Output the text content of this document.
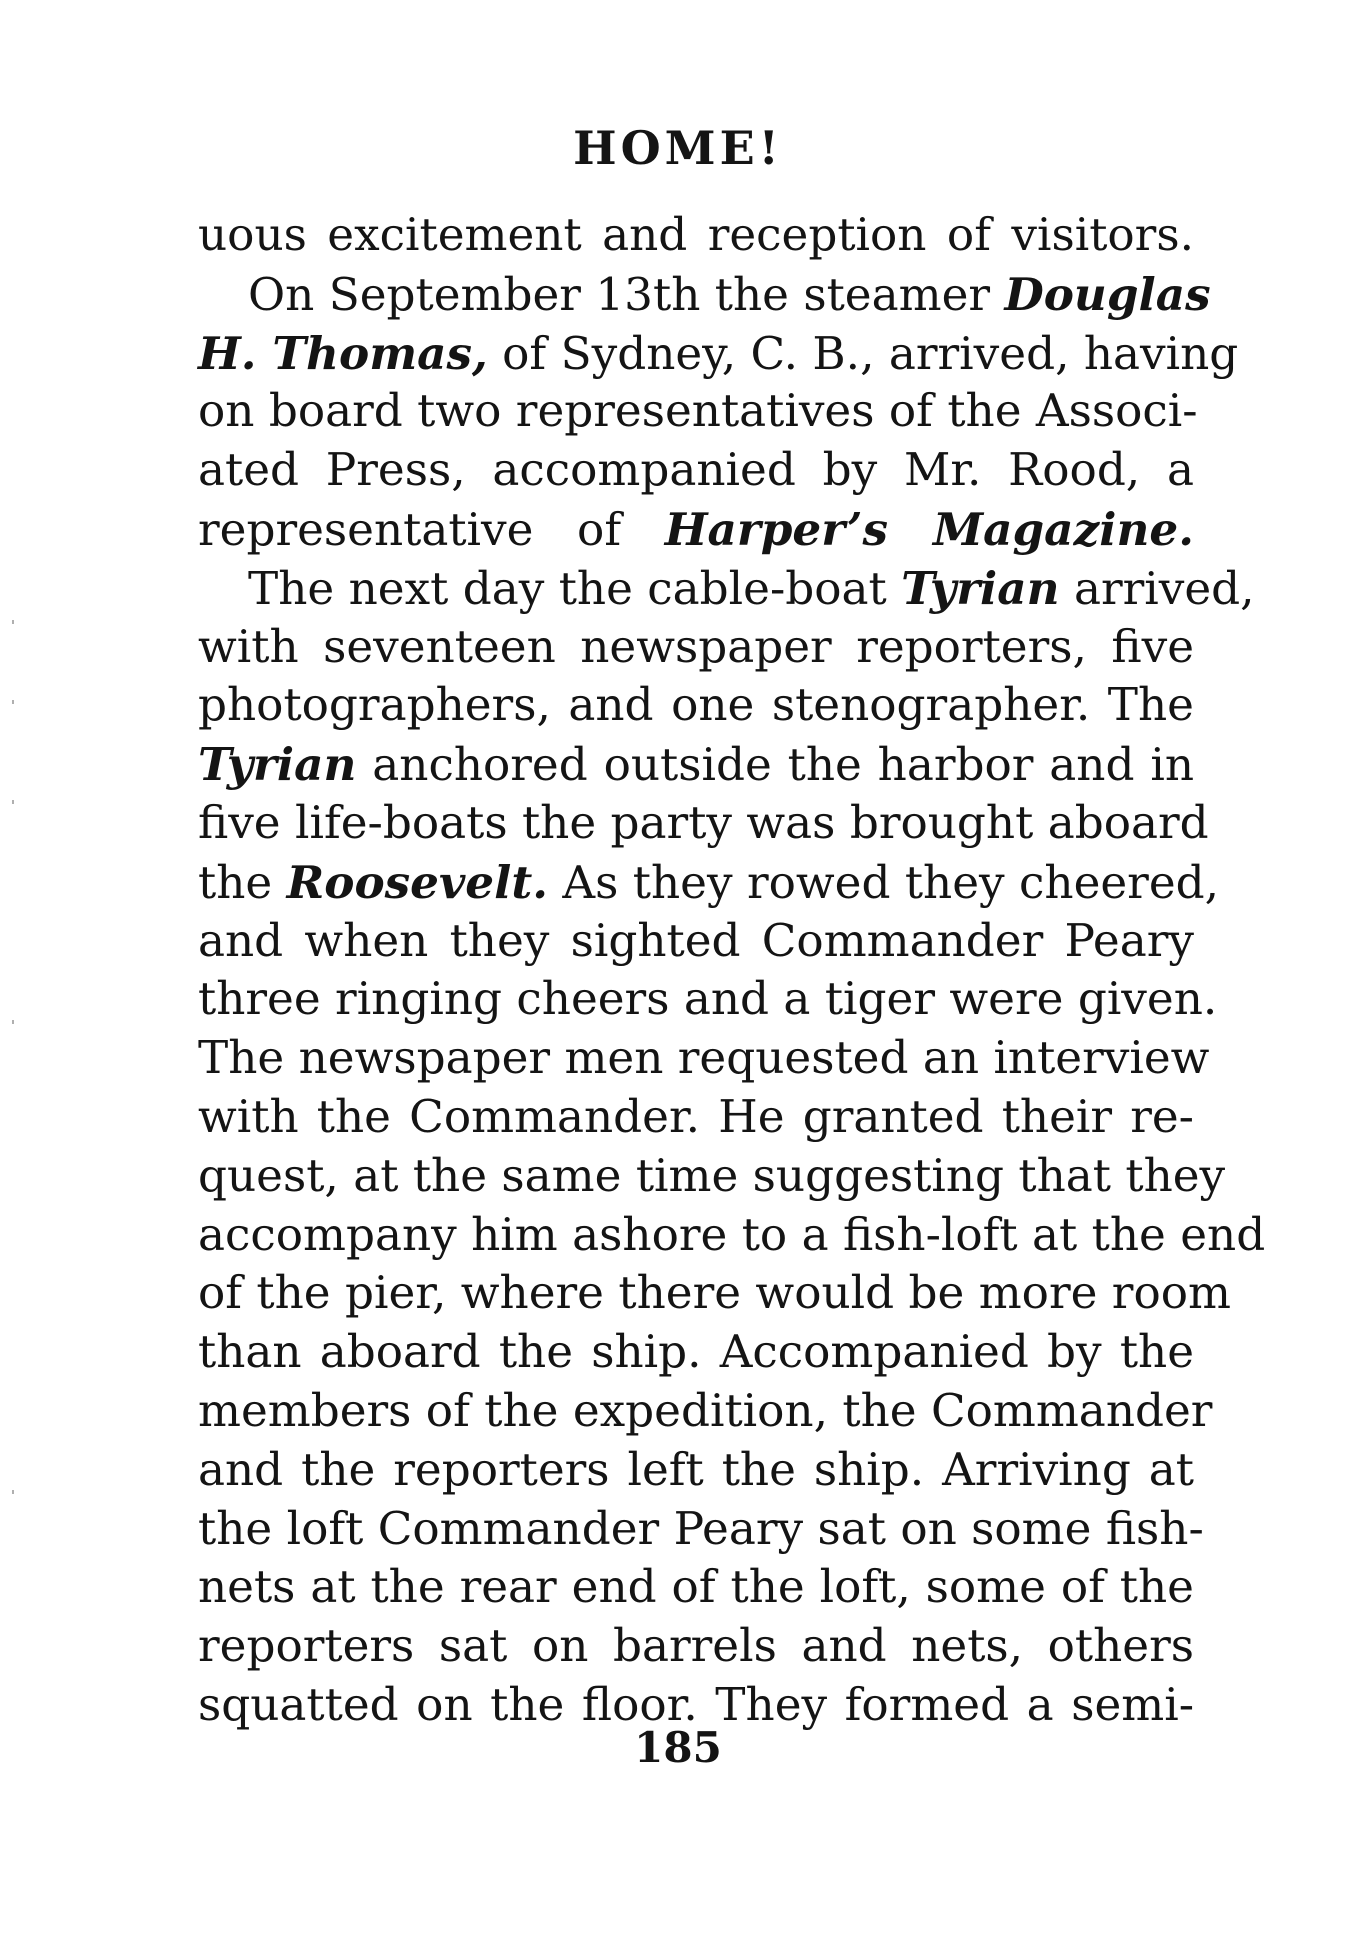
HOME!
uous excitement and reception of visitors.
On September 13th the steamer Douglas
H. Thomas, of Sydney, C. B., arrived, having
on board two representatives of the Associ-
ated Press, accompanied by Mr. Rood, a
representative of Harper’s Magazine.
The next day the cable-boat Tyrian arrived,
with seventeen newspaper reporters, five
photographers, and one stenographer. The
Tyrian anchored outside the harbor and in
five life-boats the party was brought aboard
the Roosevelt. As they rowed they cheered,
and when they sighted Commander Peary
three ringing cheers and a tiger were given.
The newspaper men requested an interview
with the Commander. He granted their re-
quest, at the same time suggesting that they
accompany him ashore to a fish-loft at the end
of the pier, where there would be more room
than aboard the ship. Accompanied by the
members of the expedition, the Commander
and the reporters left the ship. Arriving at
the loft Commander Peary sat on some fish-
nets at the rear end of the loft, some of the
reporters sat on barrels and nets, others
squatted on the floor. They formed a semi-
185
